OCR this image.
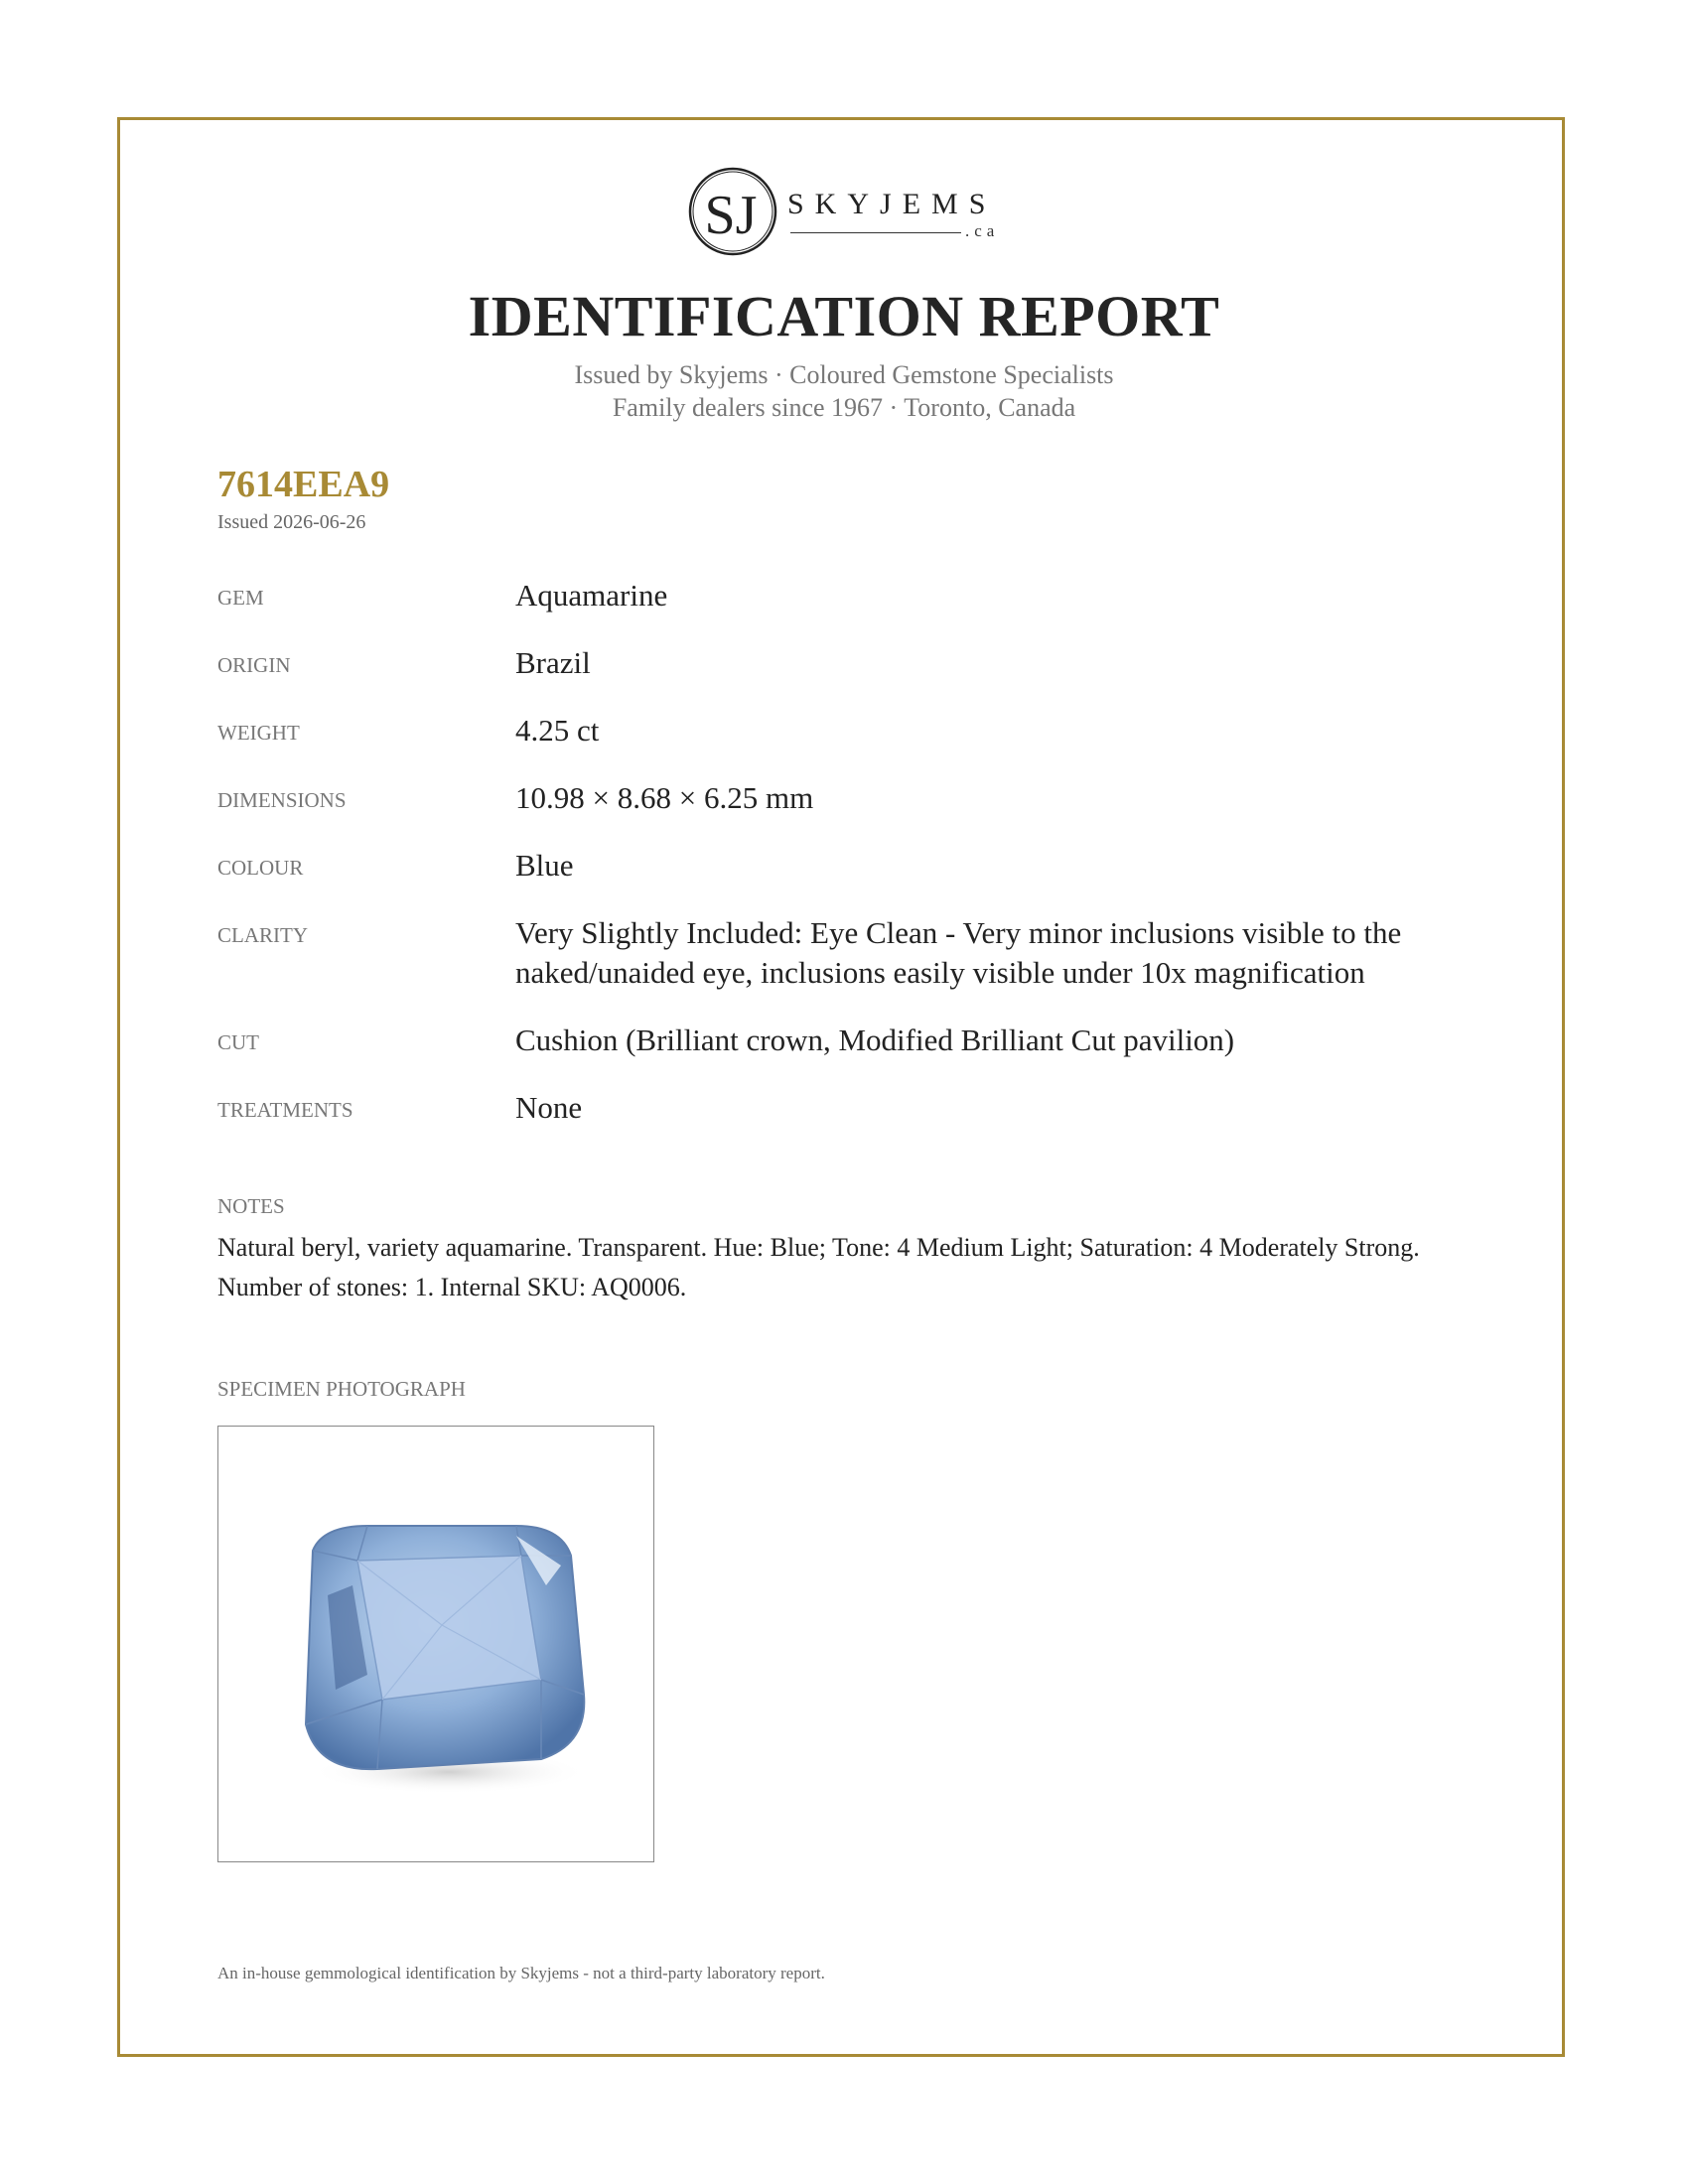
SJ SKYJEMS
.ca
IDENTIFICATION REPORT
Issued by Skyjems · Coloured Gemstone Specialists
Family dealers since 1967 · Toronto, Canada
7614EEA9
Issued 2026-06-26
GEM	Aquamarine
ORIGIN	Brazil
WEIGHT	4.25 ct
DIMENSIONS	10.98 × 8.68 × 6.25 mm
COLOUR	Blue
CLARITY	Very Slightly Included: Eye Clean - Very minor inclusions visible to the naked/unaided eye, inclusions easily visible under 10x magnification
CUT	Cushion (Brilliant crown, Modified Brilliant Cut pavilion)
TREATMENTS	None
NOTES
Natural beryl, variety aquamarine. Transparent. Hue: Blue; Tone: 4 Medium Light; Saturation: 4 Moderately Strong. Number of stones: 1. Internal SKU: AQ0006.
SPECIMEN PHOTOGRAPH
An in-house gemmological identification by Skyjems - not a third-party laboratory report.
